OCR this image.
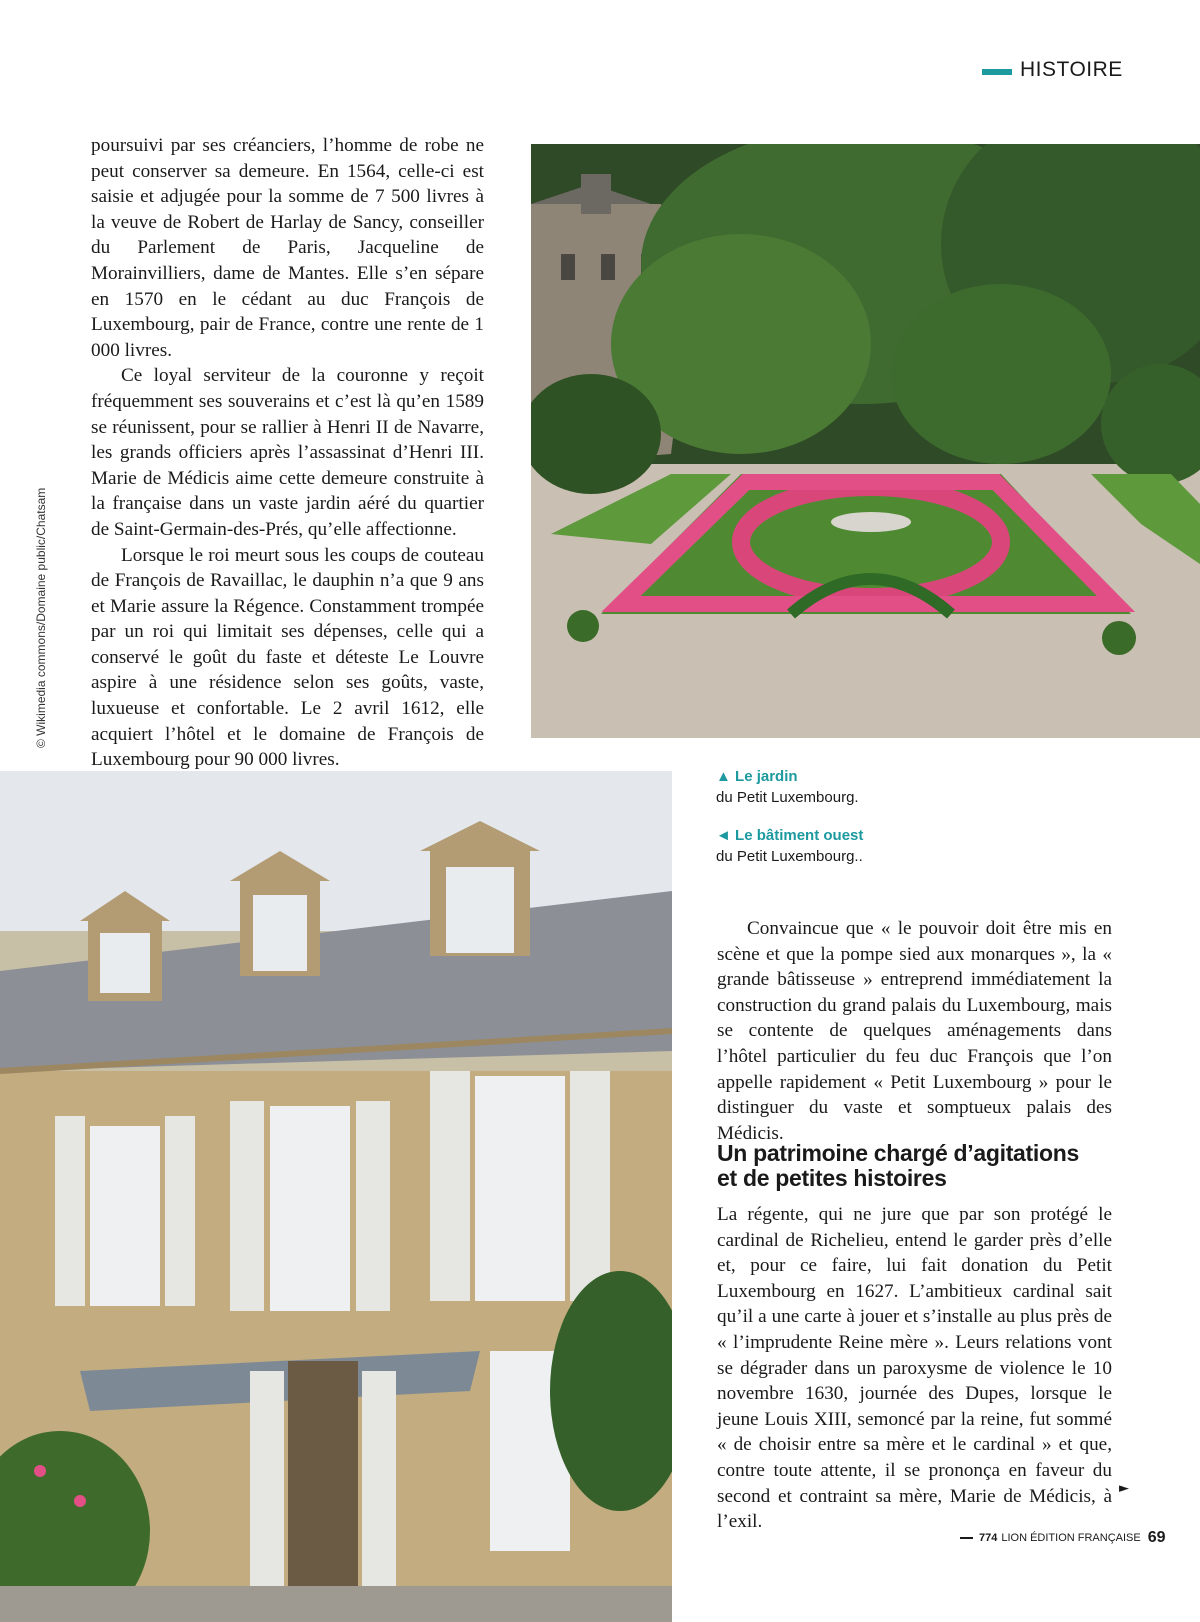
HISTOIRE
© Wikimedia commons/Domaine public/Chatsam

poursuivi par ses créanciers, l’homme de robe ne peut conserver sa demeure. En 1564, celle-ci est saisie et adjugée pour la somme de 7 500 livres à la veuve de Robert de Harlay de Sancy, conseiller du Parlement de Paris, Jacqueline de Morainvilliers, dame de Mantes. Elle s’en sépare en 1570 en le cédant au duc François de Luxembourg, pair de France, contre une rente de 1 000 livres.

Ce loyal serviteur de la couronne y reçoit fréquemment ses souverains et c’est là qu’en 1589 se réunissent, pour se rallier à Henri II de Navarre, les grands officiers après l’assassinat d’Henri III. Marie de Médicis aime cette demeure construite à la française dans un vaste jardin aéré du quartier de Saint-Germain-des-Prés, qu’elle affectionne.

Lorsque le roi meurt sous les coups de couteau de François de Ravaillac, le dauphin n’a que 9 ans et Marie assure la Régence. Constamment trompée par un roi qui limitait ses dépenses, celle qui a conservé le goût du faste et déteste Le Louvre aspire à une résidence selon ses goûts, vaste, luxueuse et confortable. Le 2 avril 1612, elle acquiert l’hôtel et le domaine de François de Luxembourg pour 90 000 livres.

▲ Le jardin
du Petit Luxembourg.
◄ Le bâtiment ouest
du Petit Luxembourg..

Convaincue que « le pouvoir doit être mis en scène et que la pompe sied aux monarques », la « grande bâtisseuse » entreprend immédiatement la construction du grand palais du Luxembourg, mais se contente de quelques aménagements dans l’hôtel particulier du feu duc François que l’on appelle rapidement « Petit Luxembourg » pour le distinguer du vaste et somptueux palais des Médicis.

Un patrimoine chargé d’agitations
et de petites histoires

La régente, qui ne jure que par son protégé le cardinal de Richelieu, entend le garder près d’elle et, pour ce faire, lui fait donation du Petit Luxembourg en 1627. L’ambitieux cardinal sait qu’il a une carte à jouer et s’installe au plus près de « l’imprudente Reine mère ». Leurs relations vont se dégrader dans un paroxysme de violence le 10 novembre 1630, journée des Dupes, lorsque le jeune Louis XIII, semoncé par la reine, fut sommé « de choisir entre sa mère et le cardinal » et que, contre toute attente, il se prononça en faveur du second et contraint sa mère, Marie de Médicis, à l’exil.

►
774 LION ÉDITION FRANÇAISE 69
